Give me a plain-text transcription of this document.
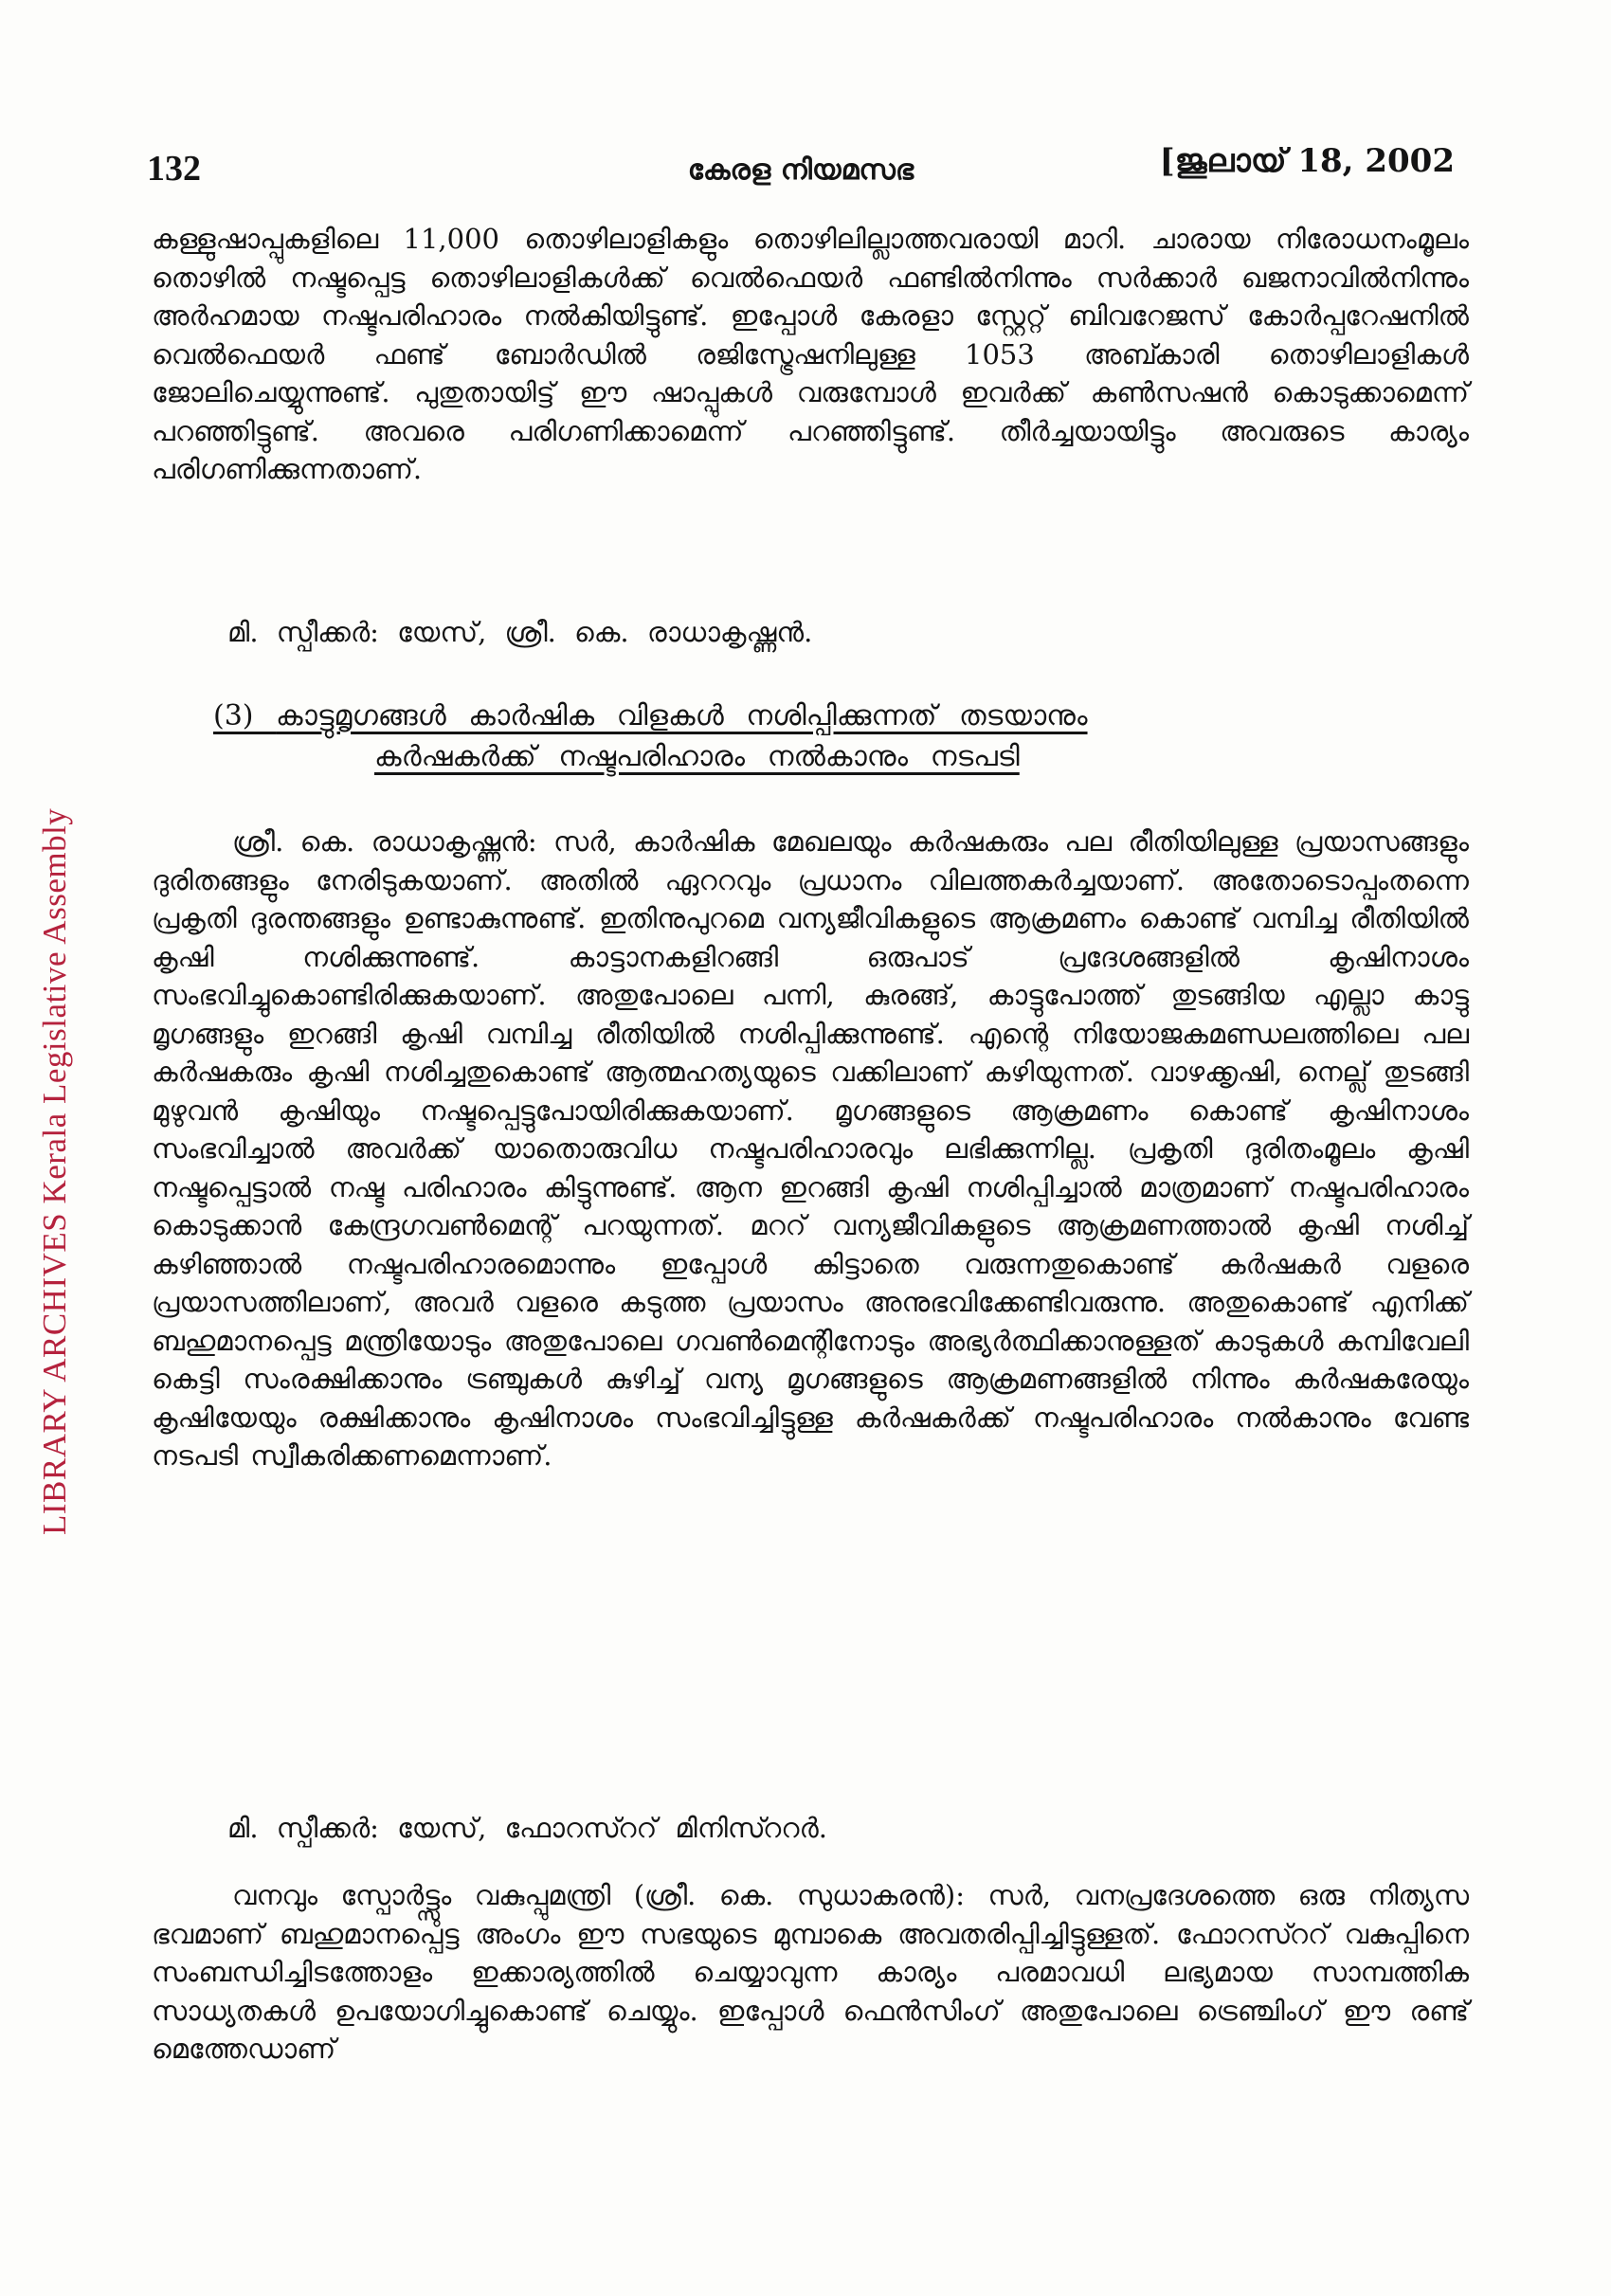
LIBRARY ARCHIVES Kerala Legislative Assembly
132	കേരള നിയമസഭ	[ജൂലായ് 18, 2002
കള്ളുഷാപ്പുകളിലെ 11,000 തൊഴിലാളികളും തൊഴിലില്ലാത്തവരായി മാറി. ചാരായ നിരോധനംമൂലം തൊഴിൽ നഷ്ടപ്പെട്ട തൊഴിലാളികൾക്ക് വെൽഫെയർ ഫണ്ടിൽനിന്നും സർക്കാർ ഖജനാവിൽനിന്നും അർഹമായ നഷ്ടപരിഹാരം നൽകിയിട്ടുണ്ട്. ഇപ്പോൾ കേരളാ സ്റ്റേറ്റ് ബിവറേജസ് കോർപ്പറേഷനിൽ വെൽഫെയർ ഫണ്ട് ബോർഡിൽ രജിസ്ട്രേഷനിലുള്ള 1053 അബ്കാരി തൊഴിലാളികൾ ജോലിചെയ്യുന്നുണ്ട്. പുതുതായിട്ട് ഈ ഷാപ്പുകൾ വരുമ്പോൾ ഇവർക്ക് കൺസഷൻ കൊടുക്കാമെന്ന് പറഞ്ഞിട്ടുണ്ട്. അവരെ പരിഗണിക്കാമെന്ന് പറഞ്ഞിട്ടുണ്ട്. തീർച്ചയായിട്ടും അവരുടെ കാര്യം പരിഗണിക്കുന്നതാണ്.
മി. സ്പീക്കർ: യേസ്, ശ്രീ. കെ. രാധാകൃഷ്ണൻ.
(3) കാട്ടുമൃഗങ്ങൾ കാർഷിക വിളകൾ നശിപ്പിക്കുന്നത് തടയാനും
കർഷകർക്ക് നഷ്ടപരിഹാരം നൽകാനും നടപടി
ശ്രീ. കെ. രാധാകൃഷ്ണൻ: സർ, കാർഷിക മേഖലയും കർഷകരും പല രീതിയിലുള്ള പ്രയാസങ്ങളും ദുരിതങ്ങളും നേരിടുകയാണ്. അതിൽ ഏററവും പ്രധാനം വിലത്തകർച്ചയാണ്. അതോടൊപ്പംതന്നെ പ്രകൃതി ദുരന്തങ്ങളും ഉണ്ടാകുന്നുണ്ട്. ഇതിനുപുറമെ വന്യജീവികളുടെ ആക്രമണം കൊണ്ട് വമ്പിച്ച രീതിയിൽ കൃഷി നശിക്കുന്നുണ്ട്. കാട്ടാനകളിറങ്ങി ഒരുപാട് പ്രദേശങ്ങളിൽ കൃഷിനാശം സംഭവിച്ചുകൊണ്ടിരിക്കുകയാണ്. അതുപോലെ പന്നി, കുരങ്ങ്, കാട്ടുപോത്ത് തുടങ്ങിയ എല്ലാ കാട്ടു മൃഗങ്ങളും ഇറങ്ങി കൃഷി വമ്പിച്ച രീതിയിൽ നശിപ്പിക്കുന്നുണ്ട്. എന്റെ നിയോജകമണ്ഡലത്തിലെ പല കർഷകരും കൃഷി നശിച്ചതുകൊണ്ട് ആത്മഹത്യയുടെ വക്കിലാണ് കഴിയുന്നത്. വാഴക്കൃഷി, നെല്ല് തുടങ്ങി മുഴുവൻ കൃഷിയും നഷ്ടപ്പെട്ടുപോയിരിക്കുകയാണ്. മൃഗങ്ങളുടെ ആക്രമണം കൊണ്ട് കൃഷിനാശം സംഭവിച്ചാൽ അവർക്ക് യാതൊരുവിധ നഷ്ടപരിഹാരവും ലഭിക്കുന്നില്ല. പ്രകൃതി ദുരിതംമൂലം കൃഷി നഷ്ടപ്പെട്ടാൽ നഷ്ട പരിഹാരം കിട്ടുന്നുണ്ട്. ആന ഇറങ്ങി കൃഷി നശിപ്പിച്ചാൽ മാത്രമാണ് നഷ്ടപരിഹാരം കൊടുക്കാൻ കേന്ദ്രഗവൺമെന്റ് പറയുന്നത്. മററ് വന്യജീവികളുടെ ആക്രമണത്താൽ കൃഷി നശിച്ച് കഴിഞ്ഞാൽ നഷ്ടപരിഹാരമൊന്നും ഇപ്പോൾ കിട്ടാതെ വരുന്നതുകൊണ്ട് കർഷകർ വളരെ പ്രയാസത്തിലാണ്, അവർ വളരെ കടുത്ത പ്രയാസം അനുഭവിക്കേണ്ടിവരുന്നു. അതുകൊണ്ട് എനിക്ക് ബഹുമാനപ്പെട്ട മന്ത്രിയോടും അതുപോലെ ഗവൺമെന്റിനോടും അഭ്യർത്ഥിക്കാനുള്ളത് കാടുകൾ കമ്പിവേലി കെട്ടി സംരക്ഷിക്കാനും ട്രഞ്ചുകൾ കുഴിച്ച് വന്യ മൃഗങ്ങളുടെ ആക്രമണങ്ങളിൽ നിന്നും കർഷകരേയും കൃഷിയേയും രക്ഷിക്കാനും കൃഷിനാശം സംഭവിച്ചിട്ടുള്ള കർഷകർക്ക് നഷ്ടപരിഹാരം നൽകാനും വേണ്ട നടപടി സ്വീകരിക്കണമെന്നാണ്.
മി. സ്പീക്കർ: യേസ്, ഫോറസ്ററ് മിനിസ്ററർ.
വനവും സ്പോർട്ട്സും വകുപ്പുമന്ത്രി (ശ്രീ. കെ. സുധാകരൻ): സർ, വനപ്രദേശത്തെ ഒരു നിത്യസ ഭവമാണ് ബഹുമാനപ്പെട്ട അംഗം ഈ സഭയുടെ മുമ്പാകെ അവതരിപ്പിച്ചിട്ടുള്ളത്. ഫോറസ്ററ് വകുപ്പിനെ സംബന്ധിച്ചിടത്തോളം ഇക്കാര്യത്തിൽ ചെയ്യാവുന്ന കാര്യം പരമാവധി ലഭ്യമായ സാമ്പത്തിക സാധ്യതകൾ ഉപയോഗിച്ചുകൊണ്ട് ചെയ്യും. ഇപ്പോൾ ഫെൻസിംഗ് അതുപോലെ ട്രെഞ്ചിംഗ് ഈ രണ്ട് മെത്തേഡാണ്
